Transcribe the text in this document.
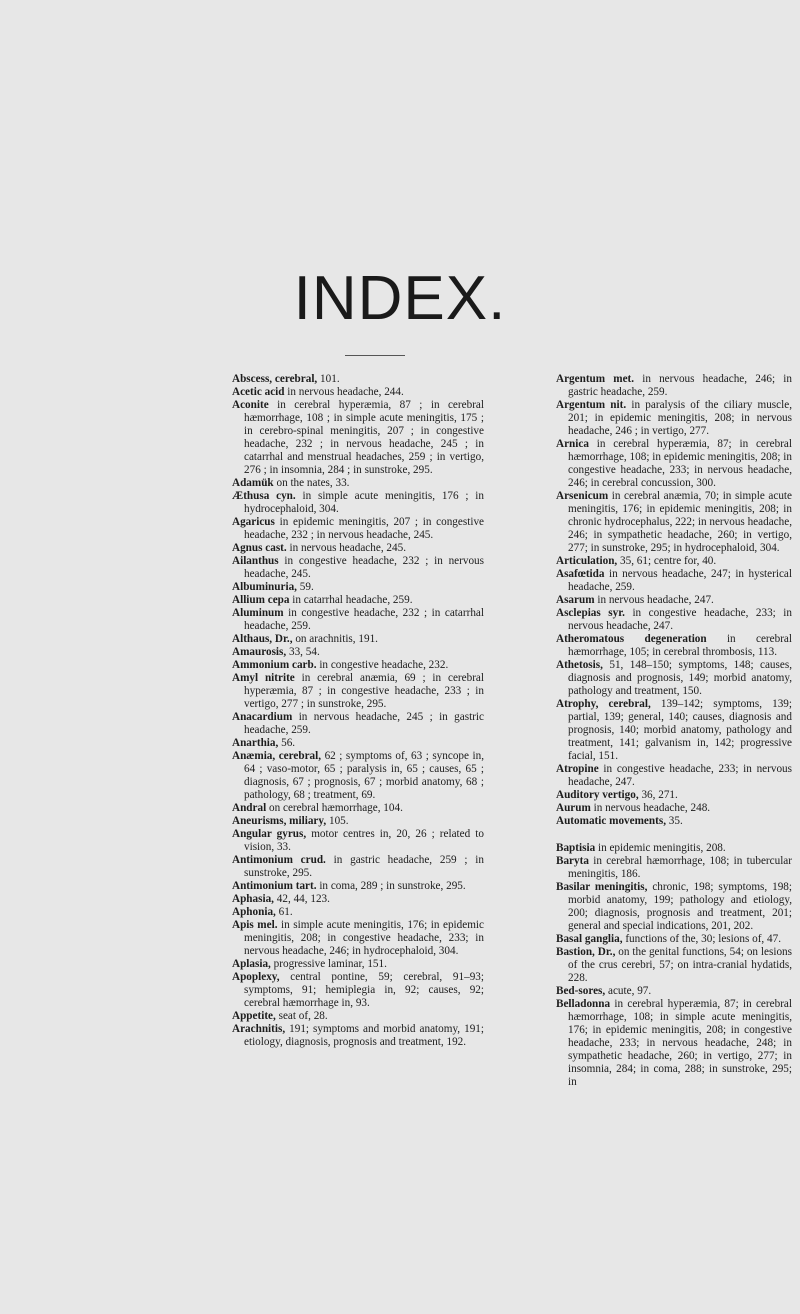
INDEX.

Abscess, cerebral, 101.

Acetic acid in nervous headache, 244.

Aconite in cerebral hyperæmia, 87 ; in cerebral hæmorrhage, 108 ; in simple acute meningitis, 175 ; in cerebro-spinal meningitis, 207 ; in congestive headache, 232 ; in nervous headache, 245 ; in catarrhal and menstrual headaches, 259 ; in vertigo, 276 ; in insomnia, 284 ; in sunstroke, 295.

Adamük on the nates, 33.

Æthusa cyn. in simple acute meningitis, 176 ; in hydrocephaloid, 304.

Agaricus in epidemic meningitis, 207 ; in congestive headache, 232 ; in nervous headache, 245.

Agnus cast. in nervous headache, 245.

Ailanthus in congestive headache, 232 ; in nervous headache, 245.

Albuminuria, 59.

Allium cepa in catarrhal headache, 259.

Aluminum in congestive headache, 232 ; in catarrhal headache, 259.

Althaus, Dr., on arachnitis, 191.

Amaurosis, 33, 54.

Ammonium carb. in congestive headache, 232.

Amyl nitrite in cerebral anæmia, 69 ; in cerebral hyperæmia, 87 ; in congestive headache, 233 ; in vertigo, 277 ; in sunstroke, 295.

Anacardium in nervous headache, 245 ; in gastric headache, 259.

Anarthia, 56.

Anæmia, cerebral, 62 ; symptoms of, 63 ; syncope in, 64 ; vaso-motor, 65 ; paralysis in, 65 ; causes, 65 ; diagnosis, 67 ; prognosis, 67 ; morbid anatomy, 68 ; pathology, 68 ; treatment, 69.

Andral on cerebral hæmorrhage, 104.

Aneurisms, miliary, 105.

Angular gyrus, motor centres in, 20, 26 ; related to vision, 33.

Antimonium crud. in gastric headache, 259 ; in sunstroke, 295.

Antimonium tart. in coma, 289 ; in sunstroke, 295.

Aphasia, 42, 44, 123.

Aphonia, 61.

Apis mel. in simple acute meningitis, 176; in epidemic meningitis, 208; in congestive headache, 233; in nervous headache, 246; in hydrocephaloid, 304.

Aplasia, progressive laminar, 151.

Apoplexy, central pontine, 59; cerebral, 91–93; symptoms, 91; hemiplegia in, 92; causes, 92; cerebral hæmorrhage in, 93.

Appetite, seat of, 28.

Arachnitis, 191; symptoms and morbid anatomy, 191; etiology, diagnosis, prognosis and treatment, 192.

Argentum met. in nervous headache, 246; in gastric headache, 259.

Argentum nit. in paralysis of the ciliary muscle, 201; in epidemic meningitis, 208; in nervous headache, 246 ; in vertigo, 277.

Arnica in cerebral hyperæmia, 87; in cerebral hæmorrhage, 108; in epidemic meningitis, 208; in congestive headache, 233; in nervous headache, 246; in cerebral concussion, 300.

Arsenicum in cerebral anæmia, 70; in simple acute meningitis, 176; in epidemic meningitis, 208; in chronic hydrocephalus, 222; in nervous headache, 246; in sympathetic headache, 260; in vertigo, 277; in sunstroke, 295; in hydrocephaloid, 304.

Articulation, 35, 61; centre for, 40.

Asafœtida in nervous headache, 247; in hysterical headache, 259.

Asarum in nervous headache, 247.

Asclepias syr. in congestive headache, 233; in nervous headache, 247.

Atheromatous degeneration in cerebral hæmorrhage, 105; in cerebral thrombosis, 113.

Athetosis, 51, 148–150; symptoms, 148; causes, diagnosis and prognosis, 149; morbid anatomy, pathology and treatment, 150.

Atrophy, cerebral, 139–142; symptoms, 139; partial, 139; general, 140; causes, diagnosis and prognosis, 140; morbid anatomy, pathology and treatment, 141; galvanism in, 142; progressive facial, 151.

Atropine in congestive headache, 233; in nervous headache, 247.

Auditory vertigo, 36, 271.

Aurum in nervous headache, 248.

Automatic movements, 35.

Baptisia in epidemic meningitis, 208.

Baryta in cerebral hæmorrhage, 108; in tubercular meningitis, 186.

Basilar meningitis, chronic, 198; symptoms, 198; morbid anatomy, 199; pathology and etiology, 200; diagnosis, prognosis and treatment, 201; general and special indications, 201, 202.

Basal ganglia, functions of the, 30; lesions of, 47.

Bastion, Dr., on the genital functions, 54; on lesions of the crus cerebri, 57; on intra-cranial hydatids, 228.

Bed-sores, acute, 97.

Belladonna in cerebral hyperæmia, 87; in cerebral hæmorrhage, 108; in simple acute meningitis, 176; in epidemic meningitis, 208; in congestive headache, 233; in nervous headache, 248; in sympathetic headache, 260; in vertigo, 277; in insomnia, 284; in coma, 288; in sunstroke, 295; in
